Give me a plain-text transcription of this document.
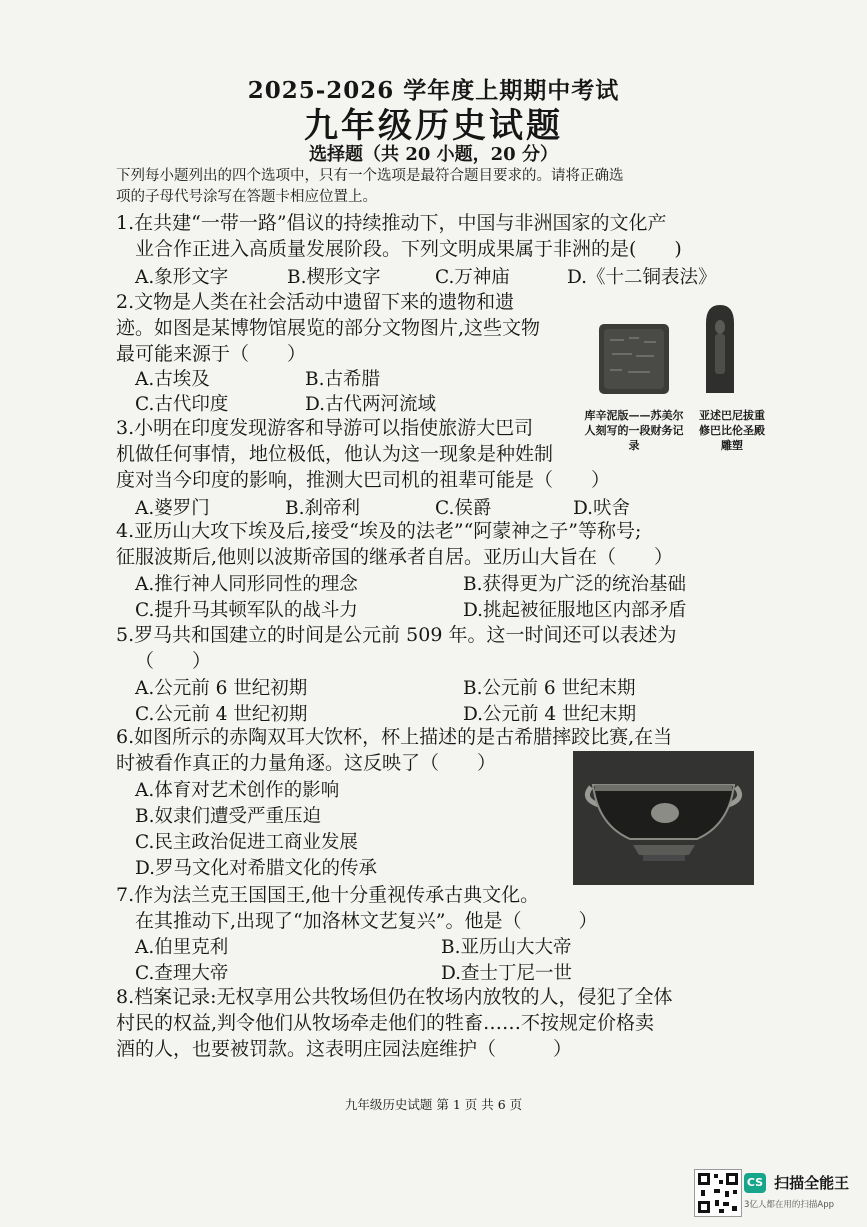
2025-2026 学年度上期期中考试
九年级历史试题
选择题（共 20 小题，20 分）
下列每小题列出的四个选项中，只有一个选项是最符合题目要求的。请将正确选
项的子母代号涂写在答题卡相应位置上。
1.在共建“一带一路”倡议的持续推动下，中国与非洲国家的文化产
业合作正进入高质量发展阶段。下列文明成果属于非洲的是(　　)
A.象形文字	B.楔形文字	C.万神庙	D.《十二铜表法》
2.文物是人类在社会活动中遗留下来的遗物和遗
迹。如图是某博物馆展览的部分文物图片,这些文物
最可能来源于（　　）
A.古埃及	B.古希腊
C.古代印度	D.古代两河流域
库辛泥版——苏美尔人刻写的一段财务记录
亚述巴尼拔重修巴比伦圣殿雕塑
3.小明在印度发现游客和导游可以指使旅游大巴司
机做任何事情，地位极低，他认为这一现象是种姓制
度对当今印度的影响，推测大巴司机的祖辈可能是（　　）
A.婆罗门	B.刹帝利	C.侯爵	D.吠舍
4.亚历山大攻下埃及后,接受“埃及的法老”“阿蒙神之子”等称号;
征服波斯后,他则以波斯帝国的继承者自居。亚历山大旨在（　　）
A.推行神人同形同性的理念	B.获得更为广泛的统治基础
C.提升马其顿军队的战斗力	D.挑起被征服地区内部矛盾
5.罗马共和国建立的时间是公元前 509 年。这一时间还可以表述为
（　　）
A.公元前 6 世纪初期	B.公元前 6 世纪末期
C.公元前 4 世纪初期	D.公元前 4 世纪末期
6.如图所示的赤陶双耳大饮杯，杯上描述的是古希腊摔跤比赛,在当
时被看作真正的力量角逐。这反映了（　　）
A.体育对艺术创作的影响
B.奴隶们遭受严重压迫
C.民主政治促进工商业发展
D.罗马文化对希腊文化的传承
7.作为法兰克王国国王,他十分重视传承古典文化。
在其推动下,出现了“加洛林文艺复兴”。他是（　　　）
A.伯里克利	B.亚历山大大帝
C.查理大帝	D.查士丁尼一世
8.档案记录:无权享用公共牧场但仍在牧场内放牧的人，侵犯了全体
村民的权益,判令他们从牧场牵走他们的牲畜……不按规定价格卖
酒的人，也要被罚款。这表明庄园法庭维护（　　　）
九年级历史试题 第 1 页 共 6 页
CS 扫描全能王
3亿人都在用的扫描App
